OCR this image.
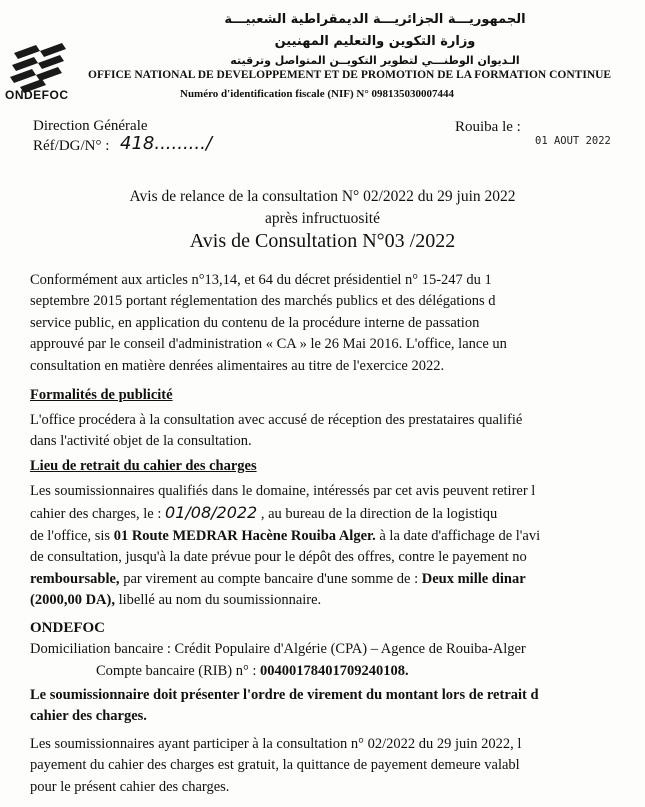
ONDEFOC
الجمهوريـــة الجزائريـــة الديمقراطية الشعبيـــة
وزارة التكوين والتعليم المهنيين
الـديوان الوطنـــي لتطوير التكويــن المتواصل وترقيته
OFFICE NATIONAL DE DEVELOPPEMENT ET DE PROMOTION DE LA FORMATION CONTINUE
Numéro d'identification fiscale (NIF) N° 098135030007444
Direction Générale
Réf/DG/N° : 418........./
Rouiba le :
01 AOUT 2022
Avis de relance de la consultation N° 02/2022 du 29 juin 2022
après infructuosité
Avis de Consultation N°03 /2022
Conformément aux articles n°13,14, et 64 du décret présidentiel n° 15-247 du 1
septembre 2015 portant réglementation des marchés publics et des délégations d
service public, en application du contenu de la procédure interne de passation
approuvé par le conseil d'administration « CA » le 26 Mai 2016. L'office, lance un
consultation en matière denrées alimentaires au titre de l'exercice 2022.
Formalités de publicité
L'office procédera à la consultation avec accusé de réception des prestataires qualifié
dans l'activité objet de la consultation.
Lieu de retrait du cahier des charges
Les soumissionnaires qualifiés dans le domaine, intéressés par cet avis peuvent retirer l
cahier des charges, le : 01/08/2022 , au bureau de la direction de la logistiqu
de l'office, sis 01 Route MEDRAR Hacène Rouiba Alger. à la date d'affichage de l'avi
de consultation, jusqu'à la date prévue pour le dépôt des offres, contre le payement no
remboursable, par virement au compte bancaire d'une somme de : Deux mille dinar
(2000,00 DA), libellé au nom du soumissionnaire.
ONDEFOC
Domiciliation bancaire : Crédit Populaire d'Algérie (CPA) – Agence de Rouiba-Alger
Compte bancaire (RIB) n° : 00400178401709240108.
Le soumissionnaire doit présenter l'ordre de virement du montant lors de retrait d
cahier des charges.
Les soumissionnaires ayant participer à la consultation n° 02/2022 du 29 juin 2022, l
payement du cahier des charges est gratuit, la quittance de payement demeure valabl
pour le présent cahier des charges.
